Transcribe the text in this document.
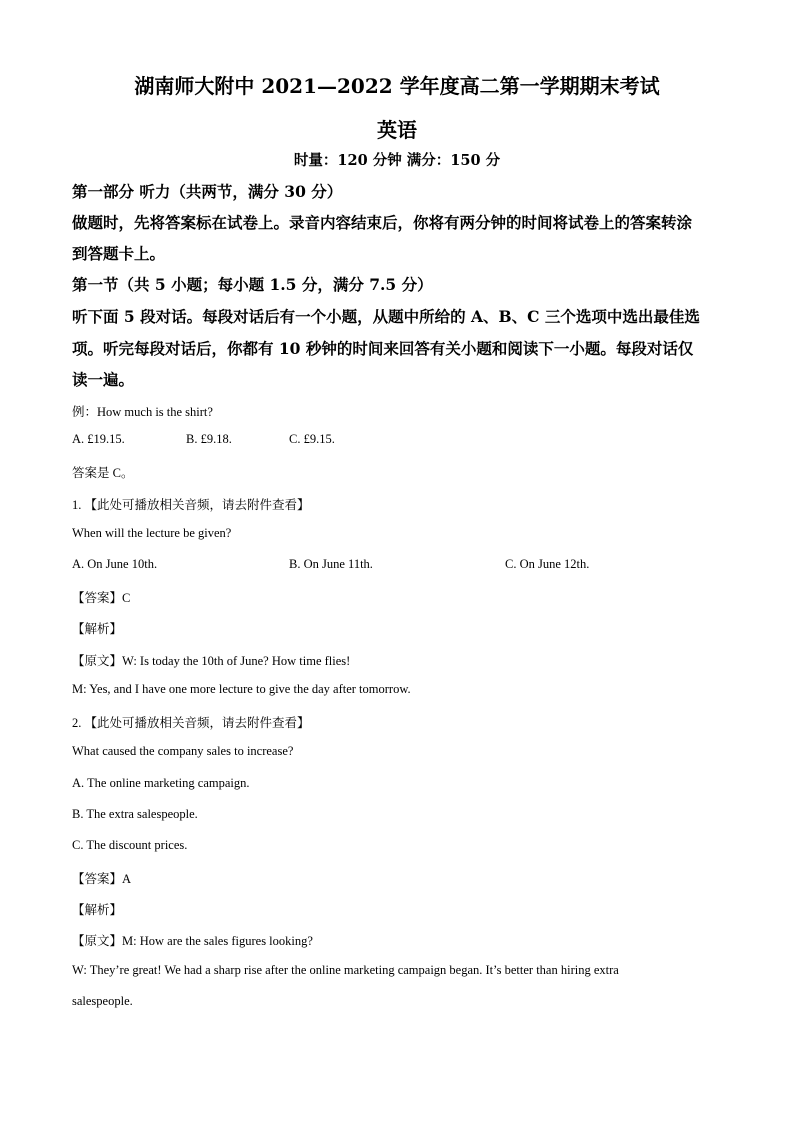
湖南师大附中 2021—2022 学年度高二第一学期期末考试
英语
时量：120 分钟 满分：150 分
第一部分 听力（共两节，满分 30 分）
做题时，先将答案标在试卷上。录音内容结束后，你将有两分钟的时间将试卷上的答案转涂
到答题卡上。
第一节（共 5 小题；每小题 1.5 分，满分 7.5 分）
听下面 5 段对话。每段对话后有一个小题，从题中所给的 A、B、C 三个选项中选出最佳选
项。听完每段对话后，你都有 10 秒钟的时间来回答有关小题和阅读下一小题。每段对话仅
读一遍。
例：How much is the shirt?
A. £19.15.	B. £9.18.	C. £9.15.
答案是 C。
1. 【此处可播放相关音频，请去附件查看】
When will the lecture be given?
A. On June 10th.	B. On June 11th.	C. On June 12th.
【答案】C
【解析】
【原文】W: Is today the 10th of June? How time flies!
M: Yes, and I have one more lecture to give the day after tomorrow.
2. 【此处可播放相关音频，请去附件查看】
What caused the company sales to increase?
A. The online marketing campaign.
B. The extra salespeople.
C. The discount prices.
【答案】A
【解析】
【原文】M: How are the sales figures looking?
W: They’re great! We had a sharp rise after the online marketing campaign began. It’s better than hiring extra
salespeople.
